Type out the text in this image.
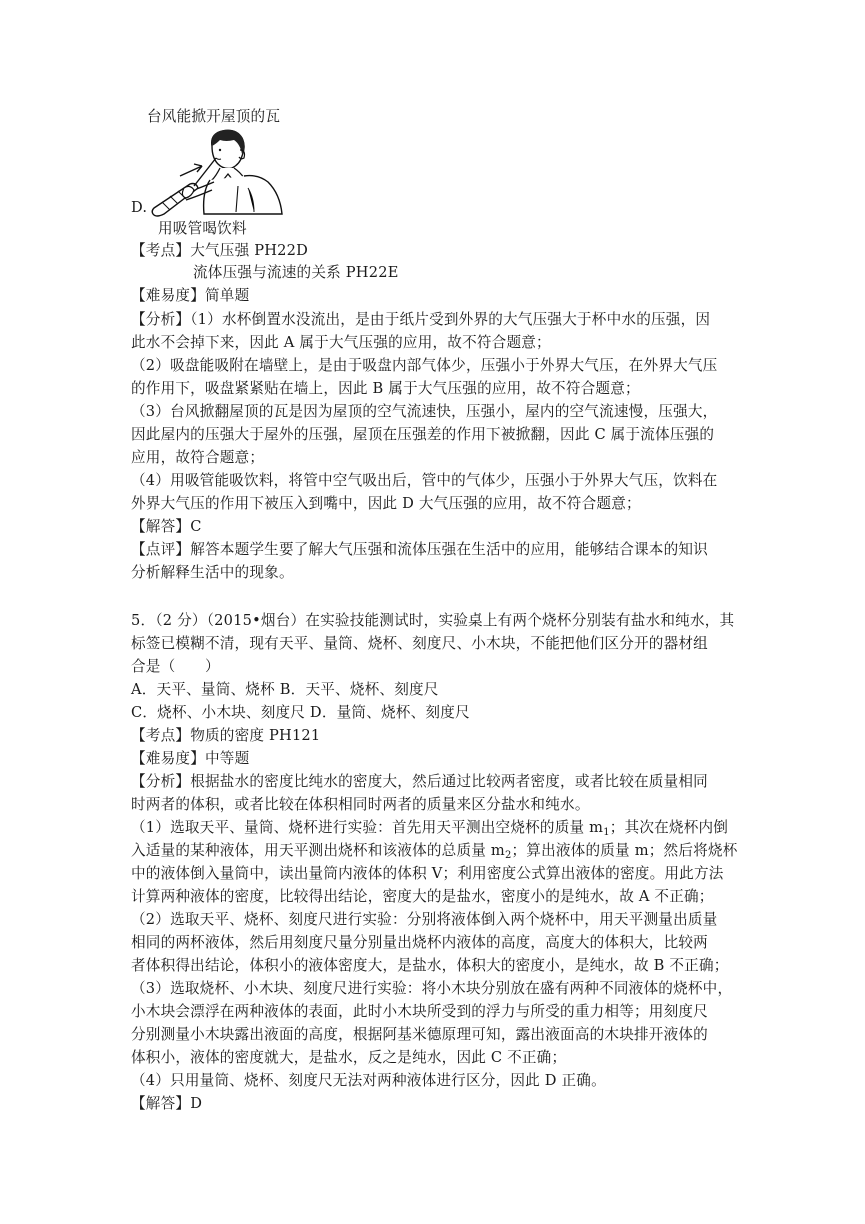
台风能掀开屋顶的瓦
D.
用吸管喝饮料
【考点】大气压强 PH22D
流体压强与流速的关系 PH22E
【难易度】简单题
【分析】（1）水杯倒置水没流出，是由于纸片受到外界的大气压强大于杯中水的压强，因
此水不会掉下来，因此 A 属于大气压强的应用，故不符合题意；
（2）吸盘能吸附在墙壁上，是由于吸盘内部气体少，压强小于外界大气压，在外界大气压
的作用下，吸盘紧紧贴在墙上，因此 B 属于大气压强的应用，故不符合题意；
（3）台风掀翻屋顶的瓦是因为屋顶的空气流速快，压强小，屋内的空气流速慢，压强大，
因此屋内的压强大于屋外的压强，屋顶在压强差的作用下被掀翻，因此 C 属于流体压强的
应用，故符合题意；
（4）用吸管能吸饮料，将管中空气吸出后，管中的气体少，压强小于外界大气压，饮料在
外界大气压的作用下被压入到嘴中，因此 D 大气压强的应用，故不符合题意；
【解答】C
【点评】解答本题学生要了解大气压强和流体压强在生活中的应用，能够结合课本的知识
分析解释生活中的现象。
5．（2 分）（2015•烟台）在实验技能测试时，实验桌上有两个烧杯分别装有盐水和纯水，其
标签已模糊不清，现有天平、量筒、烧杯、刻度尺、小木块，不能把他们区分开的器材组
合是（　　）
A．天平、量筒、烧杯 B．天平、烧杯、刻度尺
C．烧杯、小木块、刻度尺 D．量筒、烧杯、刻度尺
【考点】物质的密度 PH121
【难易度】中等题
【分析】根据盐水的密度比纯水的密度大，然后通过比较两者密度，或者比较在质量相同
时两者的体积，或者比较在体积相同时两者的质量来区分盐水和纯水。
（1）选取天平、量筒、烧杯进行实验：首先用天平测出空烧杯的质量 $m_1$；其次在烧杯内倒
入适量的某种液体，用天平测出烧杯和该液体的总质量 $m_2$；算出液体的质量 m；然后将烧杯
中的液体倒入量筒中，读出量筒内液体的体积 V；利用密度公式算出液体的密度。用此方法
计算两种液体的密度，比较得出结论，密度大的是盐水，密度小的是纯水，故 A 不正确；
（2）选取天平、烧杯、刻度尺进行实验：分别将液体倒入两个烧杯中，用天平测量出质量
相同的两杯液体，然后用刻度尺量分别量出烧杯内液体的高度，高度大的体积大，比较两
者体积得出结论，体积小的液体密度大，是盐水，体积大的密度小，是纯水，故 B 不正确；
（3）选取烧杯、小木块、刻度尺进行实验：将小木块分别放在盛有两种不同液体的烧杯中，
小木块会漂浮在两种液体的表面，此时小木块所受到的浮力与所受的重力相等；用刻度尺
分别测量小木块露出液面的高度，根据阿基米德原理可知，露出液面高的木块排开液体的
体积小，液体的密度就大，是盐水，反之是纯水，因此 C 不正确；
（4）只用量筒、烧杯、刻度尺无法对两种液体进行区分，因此 D 正确。
【解答】D
